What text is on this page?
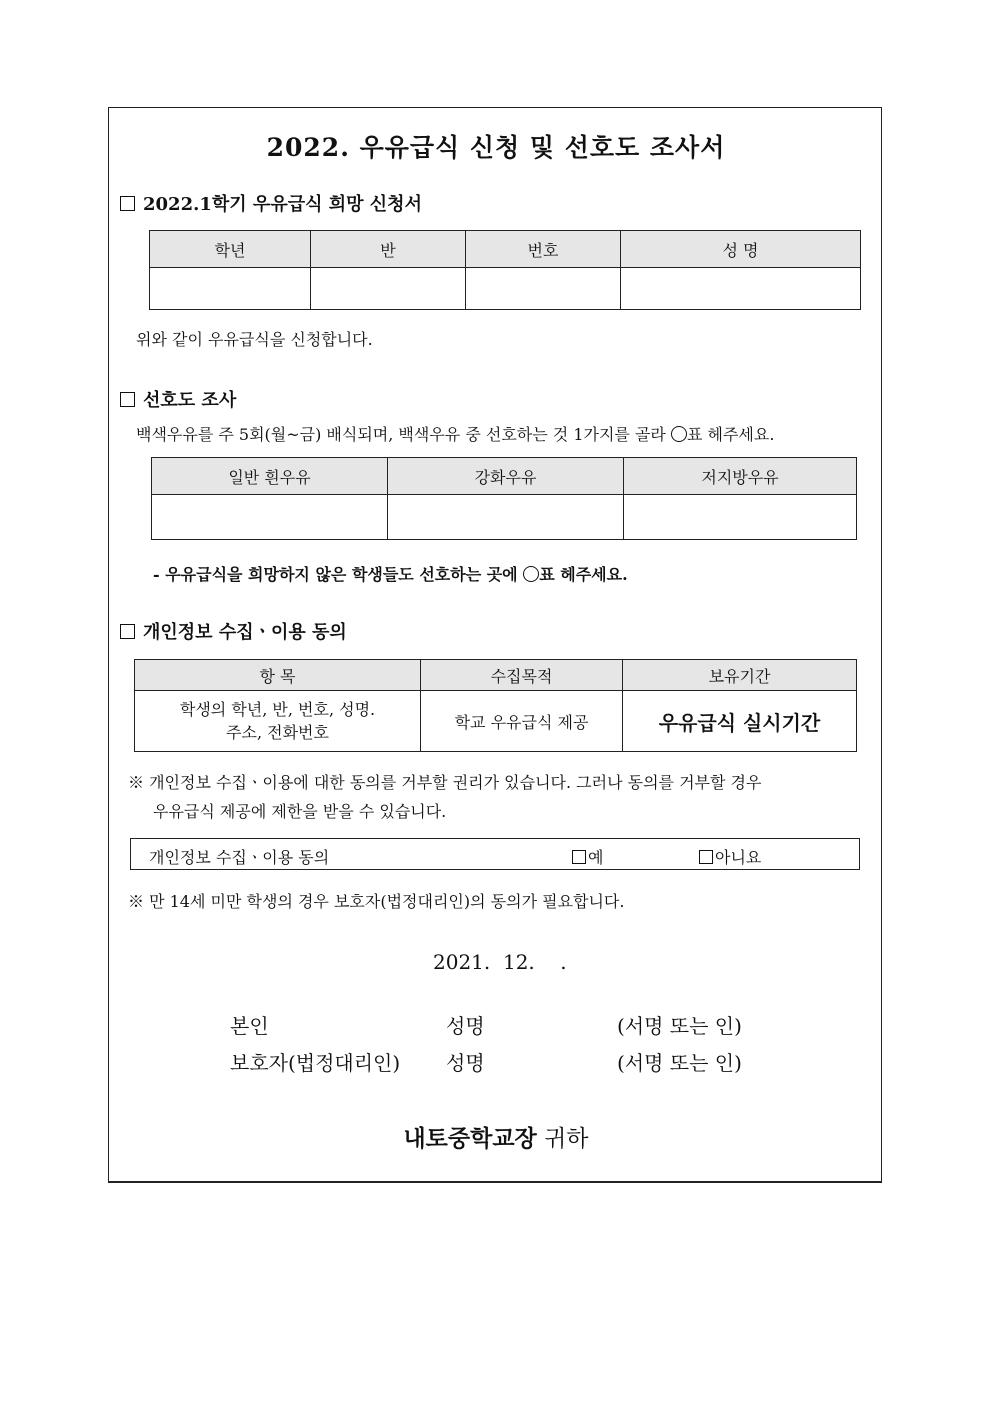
2022. 우유급식 신청 및 선호도 조사서
2022.1학기 우유급식 희망 신청서
학년	반	번호	성 명

위와 같이 우유급식을 신청합니다.
선호도 조사
백색우유를 주 5회(월~금) 배식되며, 백색우유 중 선호하는 것 1가지를 골라 ○표 헤주세요.
일반 흰우유	강화우유	저지방우유

- 우유급식을 희망하지 않은 학생들도 선호하는 곳에 ○표 헤주세요.
개인정보 수집ㆍ이용 동의
항 목	수집목적	보유기간

학생의 학년, 반, 번호, 성명.
주소, 전화번호	학교 우유급식 제공	우유급식 실시기간
※ 개인정보 수집ㆍ이용에 대한 동의를 거부할 권리가 있습니다. 그러나 동의를 거부할 경우
우유급식 제공에 제한을 받을 수 있습니다.
개인정보 수집ㆍ이용 동의	예	아니요
※ 만 14세 미만 학생의 경우 보호자(법정대리인)의 동의가 필요합니다.
2021.  12.    .
본인	성명	(서명 또는 인)
보호자(법정대리인) 성명	(서명 또는 인)
내토중학교장 귀하
